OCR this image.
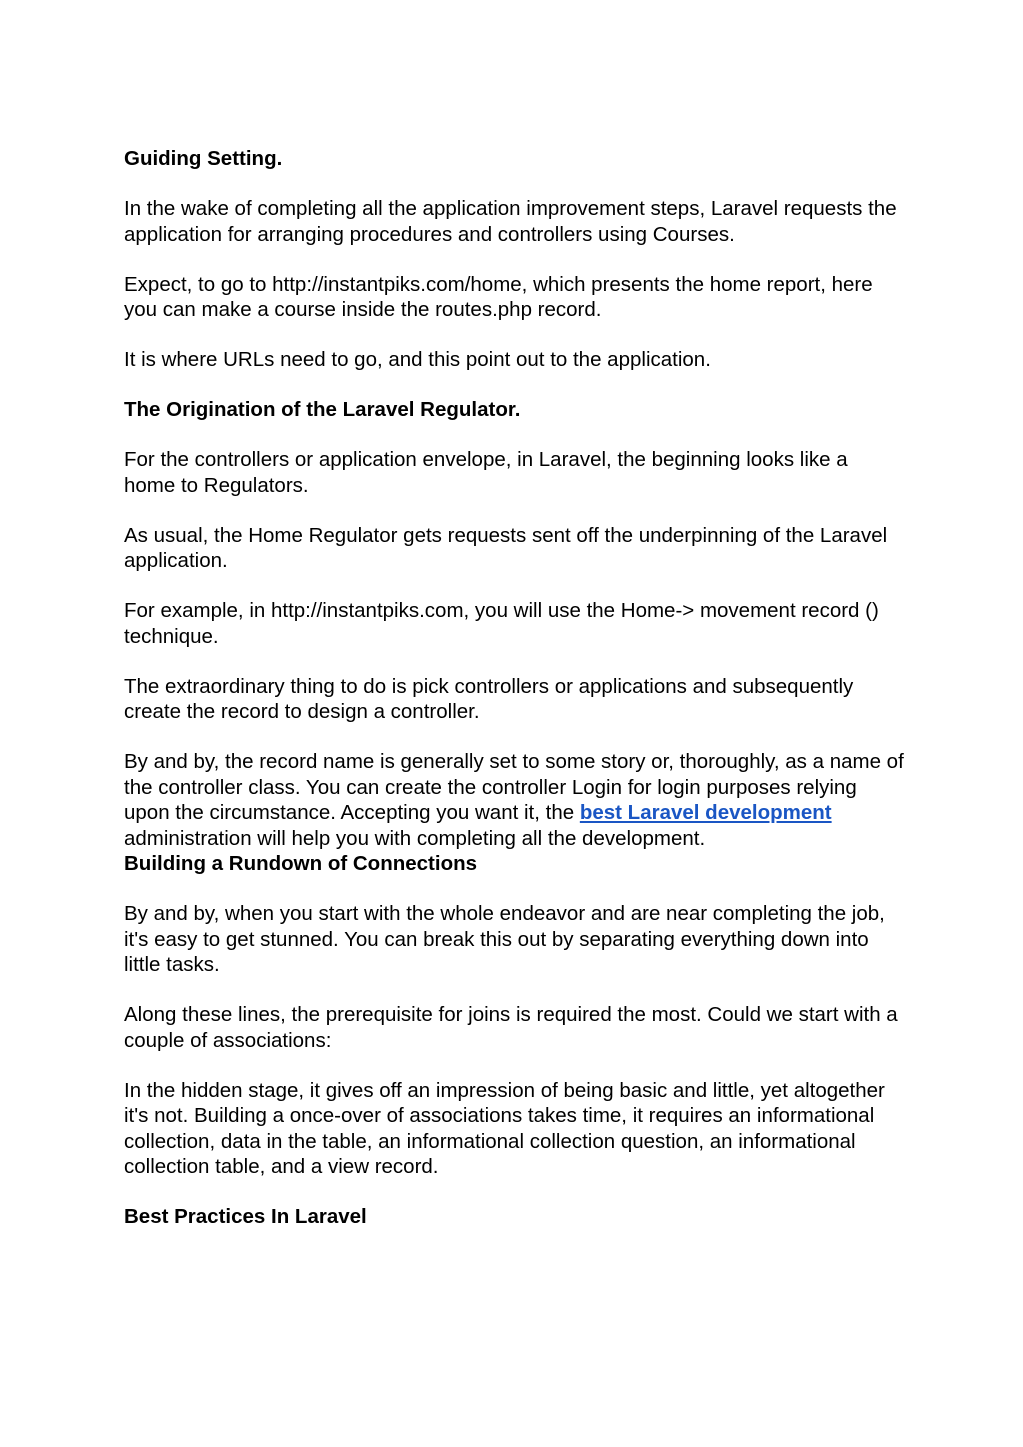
Guiding Setting.
In the wake of completing all the application improvement steps, Laravel requests the application for arranging procedures and controllers using Courses.
Expect, to go to http://instantpiks.com/home, which presents the home report, here you can make a course inside the routes.php record.
It is where URLs need to go, and this point out to the application.
The Origination of the Laravel Regulator.
For the controllers or application envelope, in Laravel, the beginning looks like a home to Regulators.
As usual, the Home Regulator gets requests sent off the underpinning of the Laravel application.
For example, in http://instantpiks.com, you will use the Home-> movement record () technique.
The extraordinary thing to do is pick controllers or applications and subsequently create the record to design a controller.
By and by, the record name is generally set to some story or, thoroughly, as a name of the controller class. You can create the controller Login for login purposes relying upon the circumstance. Accepting you want it, the best Laravel development administration will help you with completing all the development.
Building a Rundown of Connections
By and by, when you start with the whole endeavor and are near completing the job, it's easy to get stunned. You can break this out by separating everything down into little tasks.
Along these lines, the prerequisite for joins is required the most. Could we start with a couple of associations:
In the hidden stage, it gives off an impression of being basic and little, yet altogether it's not. Building a once-over of associations takes time, it requires an informational collection, data in the table, an informational collection question, an informational collection table, and a view record.
Best Practices In Laravel
